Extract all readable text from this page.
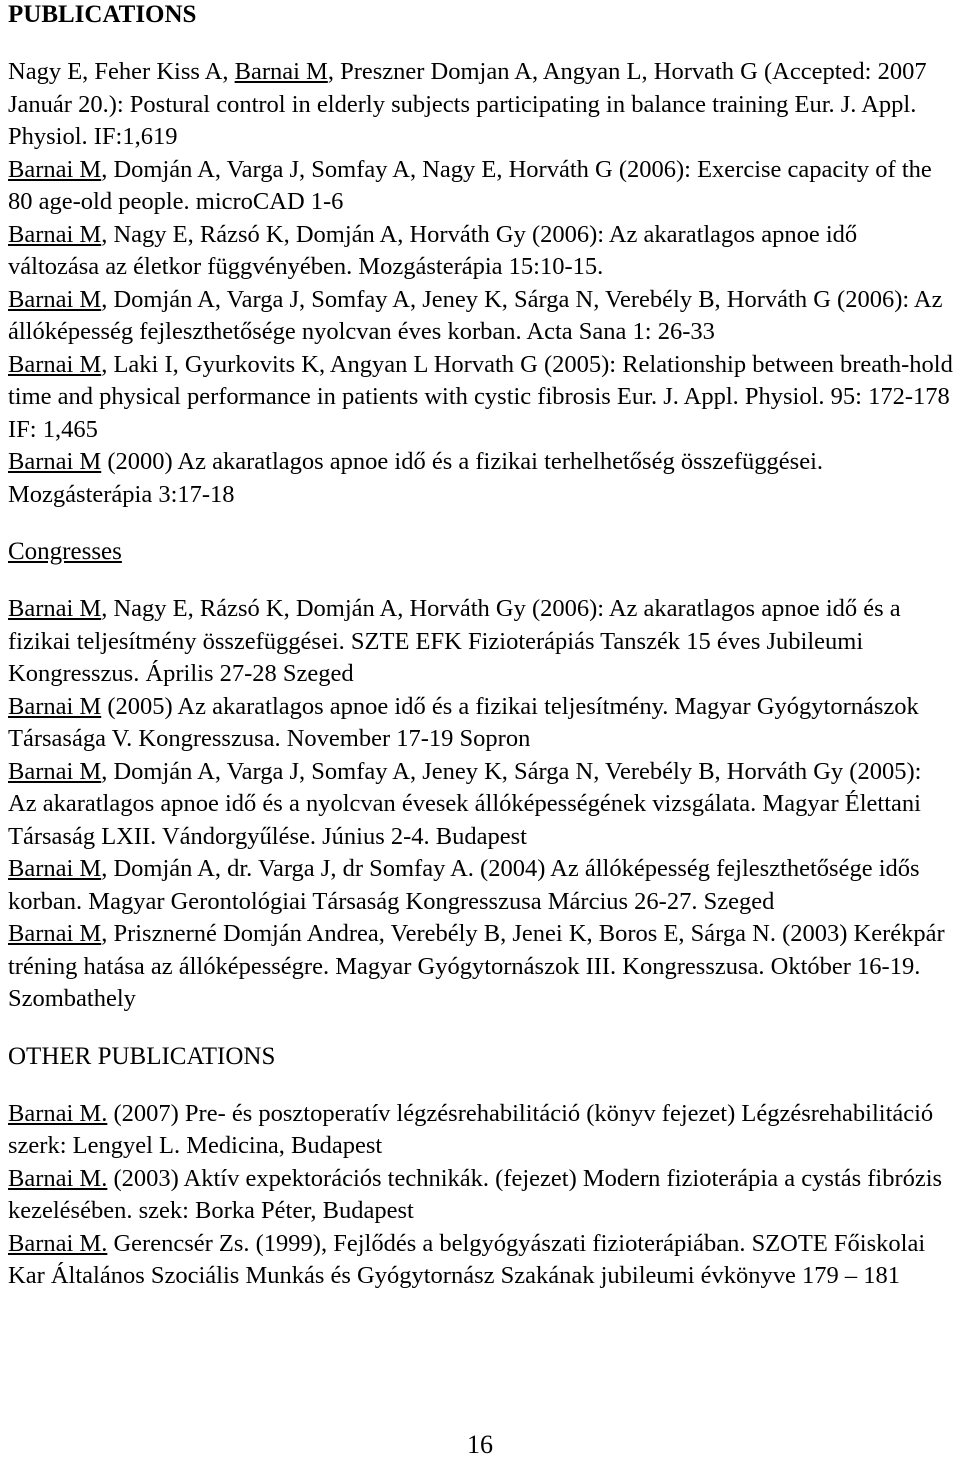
PUBLICATIONS

Nagy E, Feher Kiss A, Barnai M, Preszner Domjan A, Angyan L, Horvath G (Accepted: 2007 Január 20.): Postural control in elderly subjects participating in balance training Eur. J. Appl. Physiol. IF:1,619

Barnai M, Domján A, Varga J, Somfay A, Nagy E, Horváth G (2006): Exercise capacity of the 80 age-old people. microCAD 1-6

Barnai M, Nagy E, Rázsó K, Domján A, Horváth Gy (2006): Az akaratlagos apnoe idő változása az életkor függvényében. Mozgásterápia 15:10-15.

Barnai M, Domján A, Varga J, Somfay A, Jeney K, Sárga N, Verebély B, Horváth G (2006): Az állóképesség fejleszthetősége nyolcvan éves korban. Acta Sana 1: 26-33

Barnai M, Laki I, Gyurkovits K, Angyan L Horvath G (2005): Relationship between breath-hold time and physical performance in patients with cystic fibrosis Eur. J. Appl. Physiol. 95: 172-178 IF: 1,465

Barnai M (2000) Az akaratlagos apnoe idő és a fizikai terhelhetőség összefüggései. Mozgásterápia 3:17-18

Congresses

Barnai M, Nagy E, Rázsó K, Domján A, Horváth Gy (2006): Az akaratlagos apnoe idő és a fizikai teljesítmény összefüggései. SZTE EFK Fizioterápiás Tanszék 15 éves Jubileumi Kongresszus. Április 27-28 Szeged

Barnai M (2005) Az akaratlagos apnoe idő és a fizikai teljesítmény. Magyar Gyógytornászok Társasága V. Kongresszusa. November 17-19 Sopron

Barnai M, Domján A, Varga J, Somfay A, Jeney K, Sárga N, Verebély B, Horváth Gy (2005): Az akaratlagos apnoe idő és a nyolcvan évesek állóképességének vizsgálata. Magyar Élettani Társaság LXII. Vándorgyűlése. Június 2-4. Budapest

Barnai M, Domján A, dr. Varga J, dr Somfay A. (2004) Az állóképesség fejleszthetősége idős korban. Magyar Gerontológiai Társaság Kongresszusa Március 26-27. Szeged

Barnai M, Prisznerné Domján Andrea, Verebély B, Jenei K, Boros E, Sárga N. (2003) Kerékpár tréning hatása az állóképességre. Magyar Gyógytornászok III. Kongresszusa. Október 16-19. Szombathely

OTHER PUBLICATIONS

Barnai M. (2007) Pre- és posztoperatív légzésrehabilitáció (könyv fejezet) Légzésrehabilitáció szerk: Lengyel L. Medicina, Budapest

Barnai M. (2003) Aktív expektorációs technikák. (fejezet) Modern fizioterápia a cystás fibrózis kezelésében. szek: Borka Péter, Budapest

Barnai M. Gerencsér Zs. (1999), Fejlődés a belgyógyászati fizioterápiában. SZOTE Főiskolai Kar Általános Szociális Munkás és Gyógytornász Szakának jubileumi évkönyve 179 – 181

16
